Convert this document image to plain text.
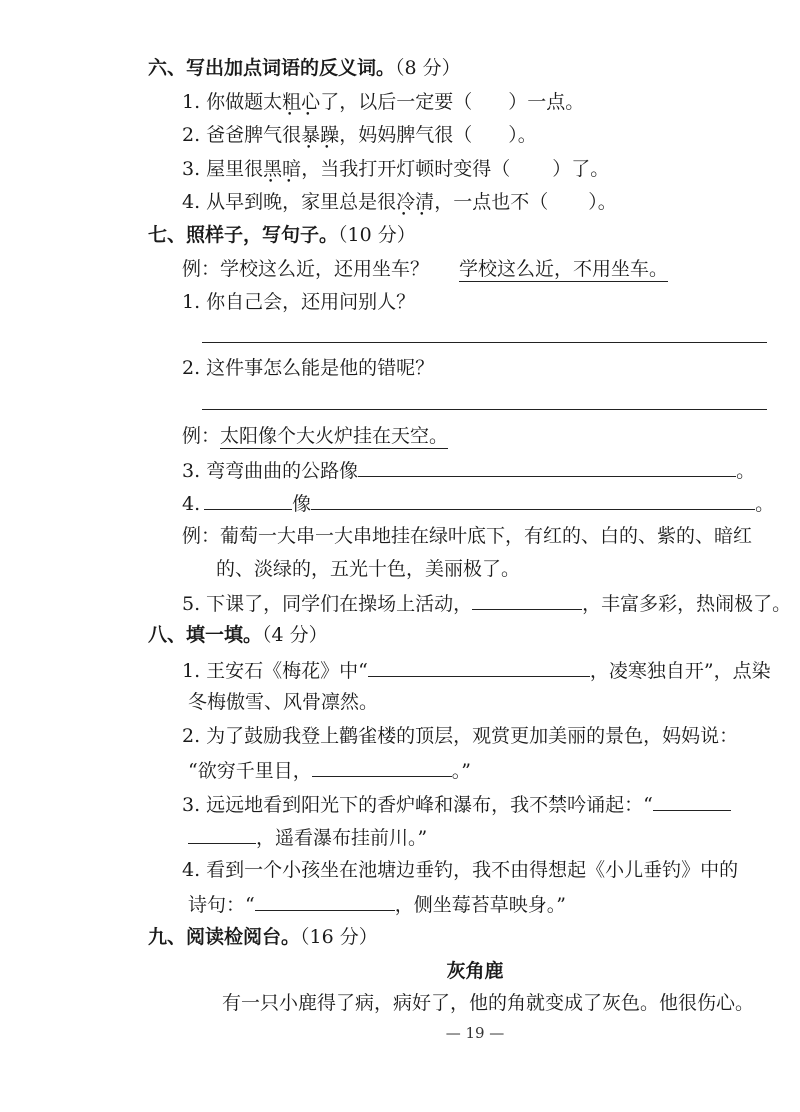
六、写出加点词语的反义词。（8 分）
1. 你做题太粗心 • •了，以后一定要（ ）一点。
2. 爸爸脾气很暴躁 • •，妈妈脾气很（ ）。
3. 屋里很黑暗 • •，当我打开灯顿时变得（ ）了。
4. 从早到晚，家里总是很冷清 • •，一点也不（ ）。
七、照样子，写句子。（10 分）
例：学校这么近，还用坐车？ 学校这么近，不用坐车。
1. 你自己会，还用问别人？
2. 这件事怎么能是他的错呢？
例：太阳像个大火炉挂在天空。
3. 弯弯曲曲的公路像	。
4.	像	。
例：葡萄一大串一大串地挂在绿叶底下，有红的、白的、紫的、暗红
的、淡绿的，五光十色，美丽极了。
5. 下课了，同学们在操场上活动，	，丰富多彩，热闹极了。
八、填一填。（4 分）
1. 王安石《梅花》中“	，凌寒独自开”，点染
冬梅傲雪、风骨凛然。
2. 为了鼓励我登上鹳雀楼的顶层，观赏更加美丽的景色，妈妈说：
“欲穷千里目，	。”
3. 远远地看到阳光下的香炉峰和瀑布，我不禁吟诵起：“
，遥看瀑布挂前川。”
4. 看到一个小孩坐在池塘边垂钓，我不由得想起《小儿垂钓》中的
诗句：“	，侧坐莓苔草映身。”
九、阅读检阅台。（16 分）
灰角鹿
有一只小鹿得了病，病好了，他的角就变成了灰色。他很伤心。
— 19 —
